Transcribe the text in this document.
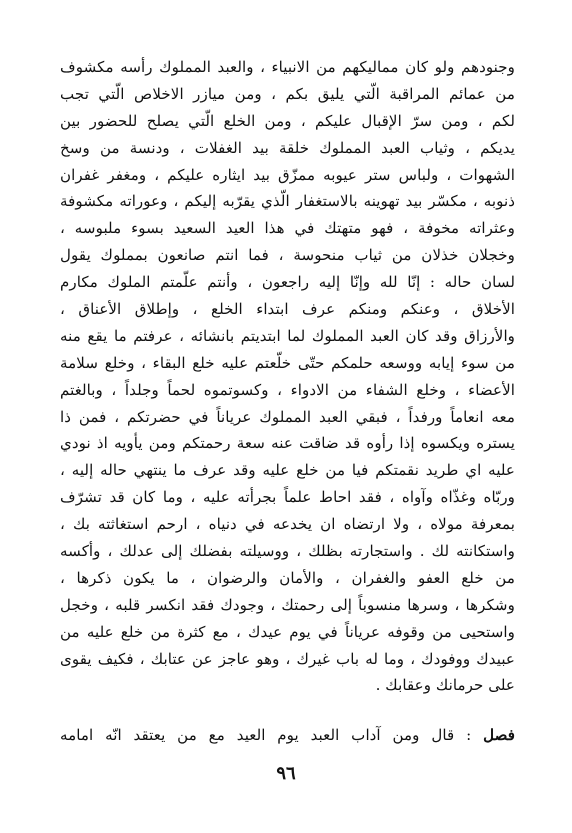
وجنودهم ولو كان مماليكهم من الانبياء ، والعبد المملوك رأسه مكشوف
من عمائم المراقبة الّتي يليق بكم ، ومن ميازر الاخلاص الّتي تجب
لكم ، ومن سرّ الإقبال عليكم ، ومن الخلع الّتي يصلح للحضور بين
يديكم ، وثياب العبد المملوك خلقة بيد الغفلات ، ودنسة من وسخ
الشهوات ، ولباس ستر عيوبه ممزّق بيد ايثاره عليكم ، ومغفر غفران
ذنوبه ، مكسّر بيد تهوينه بالاستغفار الّذي يقرّبه إليكم ، وعوراته مكشوفة
وعثراته مخوفة ، فهو متهتك في هذا العيد السعيد بسوء ملبوسه ،
وخجلان خذلان من ثياب منحوسة ، فما انتم صانعون بمملوك يقول
لسان حاله : إنّا لله وإنّا إليه راجعون ، وأنتم علّمتم الملوك مكارم
الأخلاق ، وعنكم ومنكم عرف ابتداء الخلع ، وإطلاق الأعناق ،
والأرزاق وقد كان العبد المملوك لما ابتديتم بانشائه ، عرفتم ما يقع منه
من سوء إيابه ووسعه حلمكم حتّى خلّعتم عليه خلع البقاء ، وخلع سلامة
الأعضاء ، وخلع الشفاء من الادواء ، وكسوتموه لحماً وجلداً ، وبالغتم
معه انعاماً ورفداً ، فبقي العبد المملوك عرياناً في حضرتكم ، فمن ذا
يستره ويكسوه إذا رأوه قد ضاقت عنه سعة رحمتكم ومن يأويه اذ نودي
عليه اي طريد نقمتكم فيا من خلع عليه وقد عرف ما ينتهي حاله إليه ،
وربّاه وغذّاه وآواه ، فقد احاط علماً بجرأته عليه ، وما كان قد تشرّف
بمعرفة مولاه ، ولا ارتضاه ان يخدعه في دنياه ، ارحم استغاثته بك ،
واستكانته لك . واستجارته بظلك ، ووسيلته بفضلك إلى عدلك ، وأكسه
من خلع العفو والغفران ، والأمان والرضوان ، ما يكون ذكرها ،
وشكرها ، وسرها منسوباً إلى رحمتك ، وجودك فقد انكسر قلبه ، وخجل
واستحيى من وقوفه عرياناً في يوم عيدك ، مع كثرة من خلع عليه من
عبيدك ووفودك ، وما له باب غيرك ، وهو عاجز عن عتابك ، فكيف يقوى
على حرمانك وعقابك .
فصل : قال ومن آداب العبد يوم العيد مع من يعتقد انّه امامه
٩٦
